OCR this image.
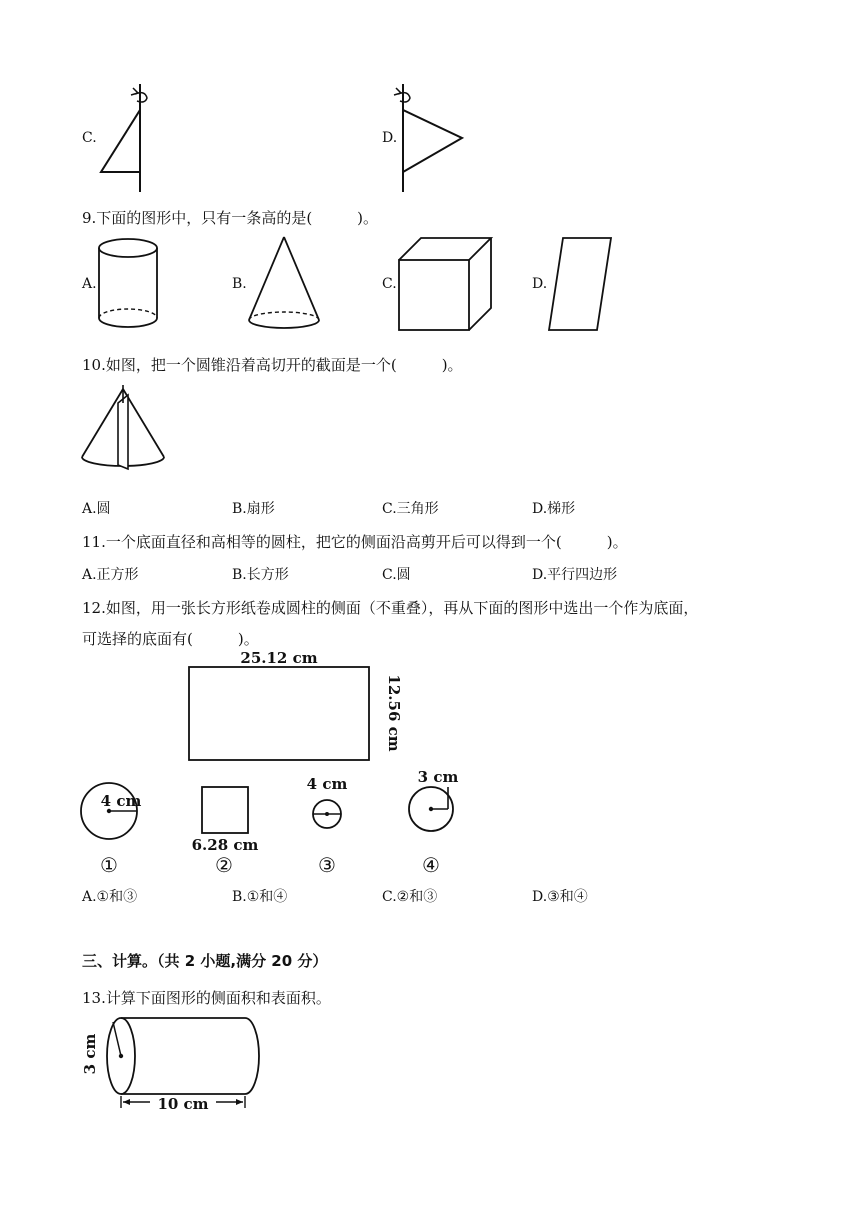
C.	D.
9.下面的图形中，只有一条高的是(　　　)。
A.	B.	C.	D.
10.如图，把一个圆锥沿着高切开的截面是一个(　　　)。
A.圆	B.扇形	C.三角形	D.梯形
11.一个底面直径和高相等的圆柱，把它的侧面沿高剪开后可以得到一个(　　　)。
A.正方形	B.长方形	C.圆	D.平行四边形
12.如图，用一张长方形纸卷成圆柱的侧面（不重叠），再从下面的图形中选出一个作为底面，
可选择的底面有(　　　)。
25.12 cm
12.56 cm
4 cm
6.28 cm
4 cm	3 cm
①	②	③	④
A.①和③	B.①和④	C.②和③	D.③和④
三、计算。（共 2 小题,满分 20 分）
13.计算下面图形的侧面积和表面积。
3 cm
10 cm
